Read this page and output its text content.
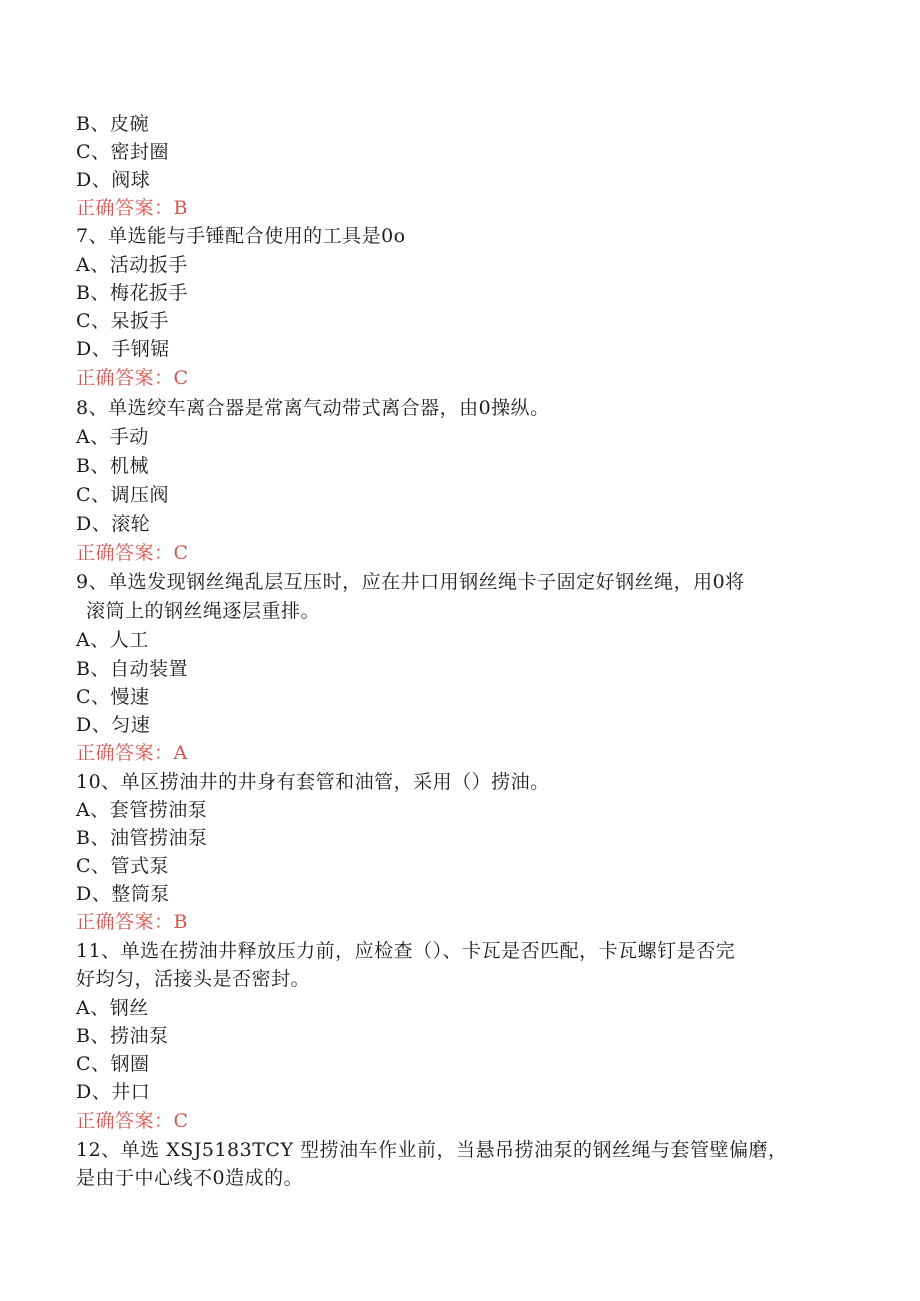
B、皮碗
C、密封圈
D、阀球
正确答案：B
7、单选能与手锤配合使用的工具是0o
A、活动扳手
B、梅花扳手
C、呆扳手
D、手钢锯
正确答案：C
8、单选绞车离合器是常离气动带式离合器，由0操纵。
A、手动
B、机械
C、调压阀
D、滚轮
正确答案：C
9、单选发现钢丝绳乱层互压时，应在井口用钢丝绳卡子固定好钢丝绳，用0将
滚筒上的钢丝绳逐层重排。
A、人工
B、自动装置
C、慢速
D、匀速
正确答案：A
10、单区捞油井的井身有套管和油管，采用（）捞油。
A、套管捞油泵
B、油管捞油泵
C、管式泵
D、整筒泵
正确答案：B
11、单选在捞油井释放压力前，应检查（）、卡瓦是否匹配，卡瓦螺钉是否完
好均匀，活接头是否密封。
A、钢丝
B、捞油泵
C、钢圈
D、井口
正确答案：C
12、单选 XSJ5183TCY 型捞油车作业前，当悬吊捞油泵的钢丝绳与套管壁偏磨，
是由于中心线不0造成的。
